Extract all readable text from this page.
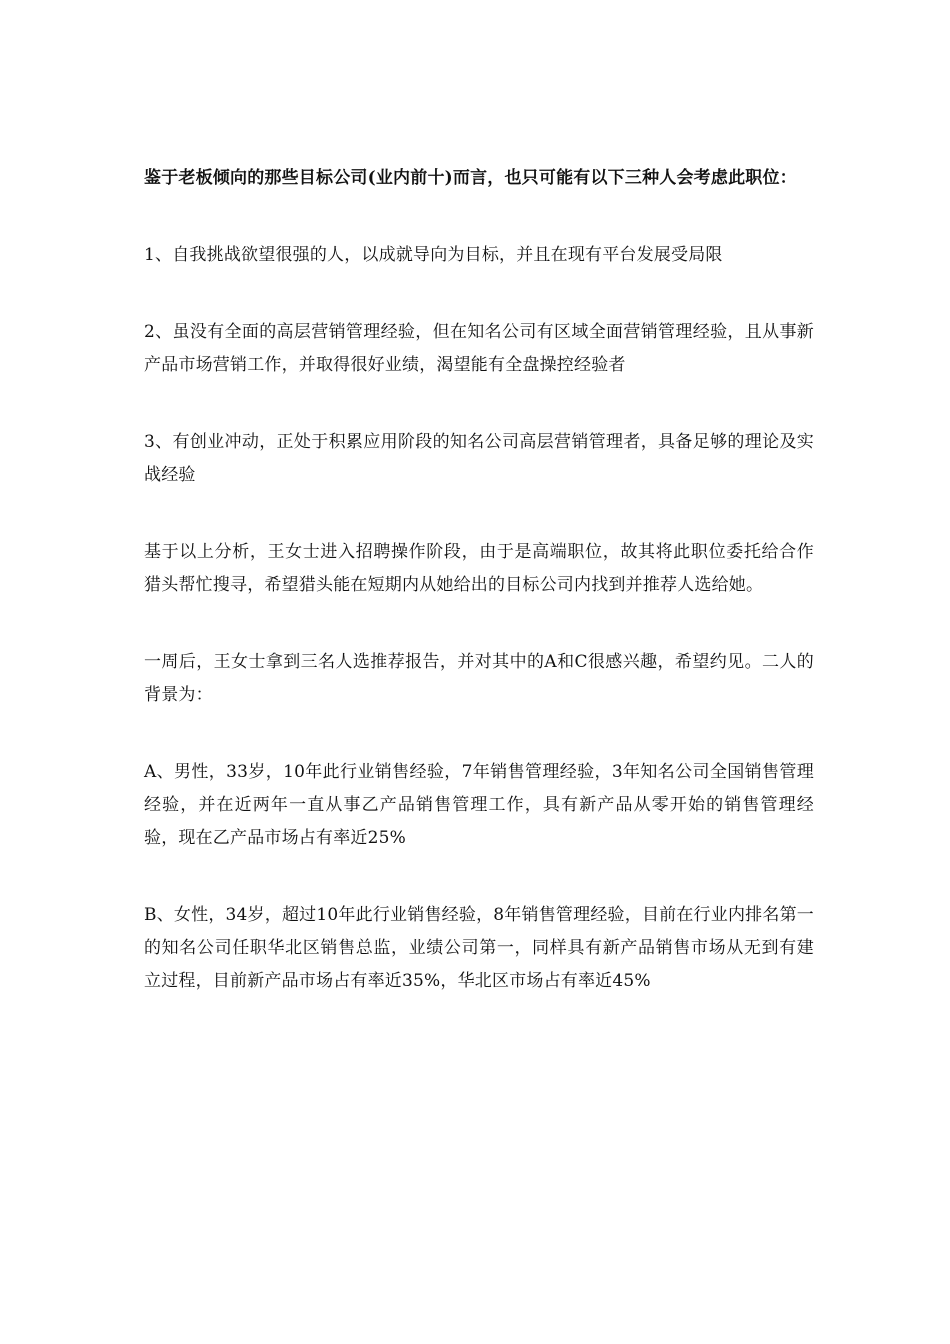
鉴于老板倾向的那些目标公司(业内前十)而言，也只可能有以下三种人会考虑此职位：

1、自我挑战欲望很强的人，以成就导向为目标，并且在现有平台发展受局限

2、虽没有全面的高层营销管理经验，但在知名公司有区域全面营销管理经验，且从事新产品市场营销工作，并取得很好业绩，渴望能有全盘操控经验者

3、有创业冲动，正处于积累应用阶段的知名公司高层营销管理者，具备足够的理论及实战经验

基于以上分析，王女士进入招聘操作阶段，由于是高端职位，故其将此职位委托给合作猎头帮忙搜寻，希望猎头能在短期内从她给出的目标公司内找到并推荐人选给她。

一周后，王女士拿到三名人选推荐报告，并对其中的A和C很感兴趣，希望约见。二人的背景为：

A、男性，33岁，10年此行业销售经验，7年销售管理经验，3年知名公司全国销售管理经验，并在近两年一直从事乙产品销售管理工作，具有新产品从零开始的销售管理经验，现在乙产品市场占有率近25%

B、女性，34岁，超过10年此行业销售经验，8年销售管理经验，目前在行业内排名第一的知名公司任职华北区销售总监，业绩公司第一，同样具有新产品销售市场从无到有建立过程，目前新产品市场占有率近35%，华北区市场占有率近45%
